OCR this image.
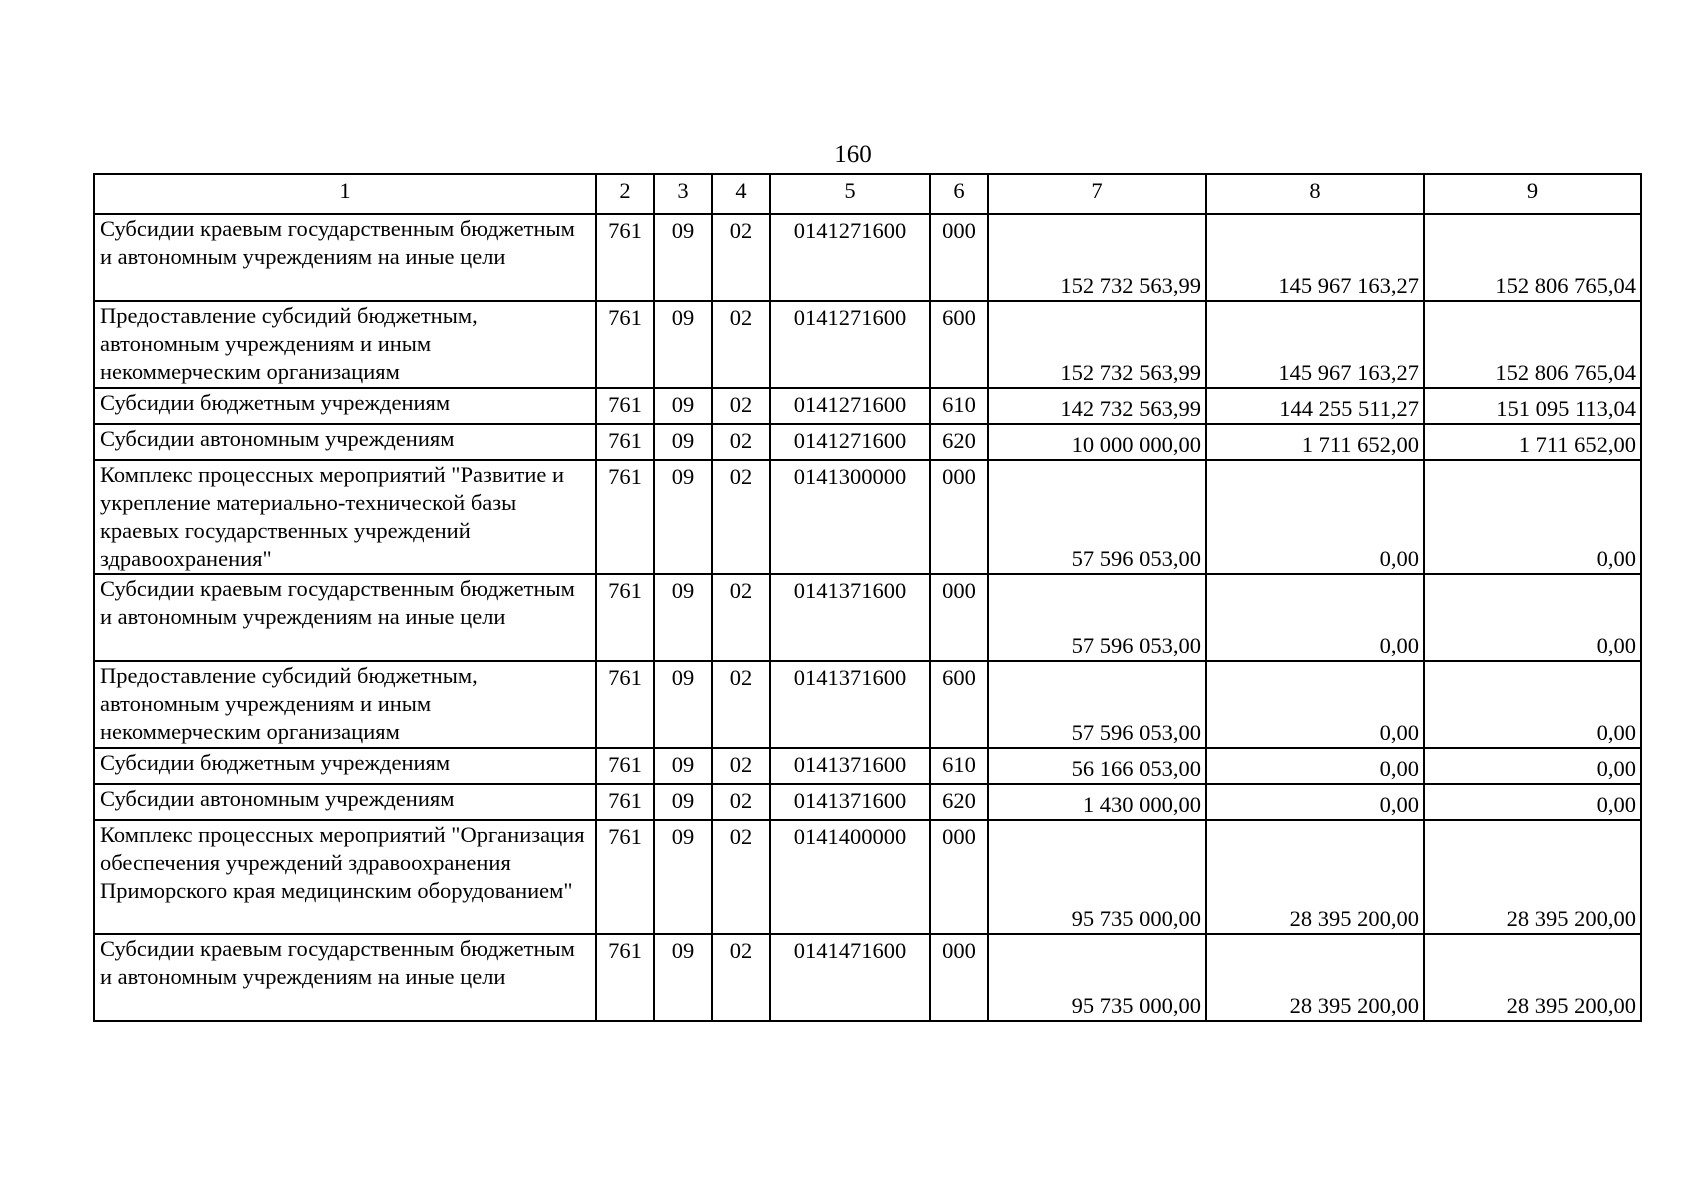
160
1	2	3	4	5	6	7	8	9
Субсидии краевым государственным бюджетным и автономным учреждениям на иные цели	761	09	02	0141271600	000	152 732 563,99	145 967 163,27	152 806 765,04
Предоставление субсидий бюджетным, автономным учреждениям и иным некоммерческим организациям	761	09	02	0141271600	600	152 732 563,99	145 967 163,27	152 806 765,04
Субсидии бюджетным учреждениям	761	09	02	0141271600	610	142 732 563,99	144 255 511,27	151 095 113,04
Субсидии автономным учреждениям	761	09	02	0141271600	620	10 000 000,00	1 711 652,00	1 711 652,00
Комплекс процессных мероприятий "Развитие и укрепление материально-технической базы краевых государственных учреждений здравоохранения"	761	09	02	0141300000	000	57 596 053,00	0,00	0,00
Субсидии краевым государственным бюджетным и автономным учреждениям на иные цели	761	09	02	0141371600	000	57 596 053,00	0,00	0,00
Предоставление субсидий бюджетным, автономным учреждениям и иным некоммерческим организациям	761	09	02	0141371600	600	57 596 053,00	0,00	0,00
Субсидии бюджетным учреждениям	761	09	02	0141371600	610	56 166 053,00	0,00	0,00
Субсидии автономным учреждениям	761	09	02	0141371600	620	1 430 000,00	0,00	0,00
Комплекс процессных мероприятий "Организация обеспечения учреждений здравоохранения Приморского края медицинским оборудованием"	761	09	02	0141400000	000	95 735 000,00	28 395 200,00	28 395 200,00
Субсидии краевым государственным бюджетным и автономным учреждениям на иные цели	761	09	02	0141471600	000	95 735 000,00	28 395 200,00	28 395 200,00
